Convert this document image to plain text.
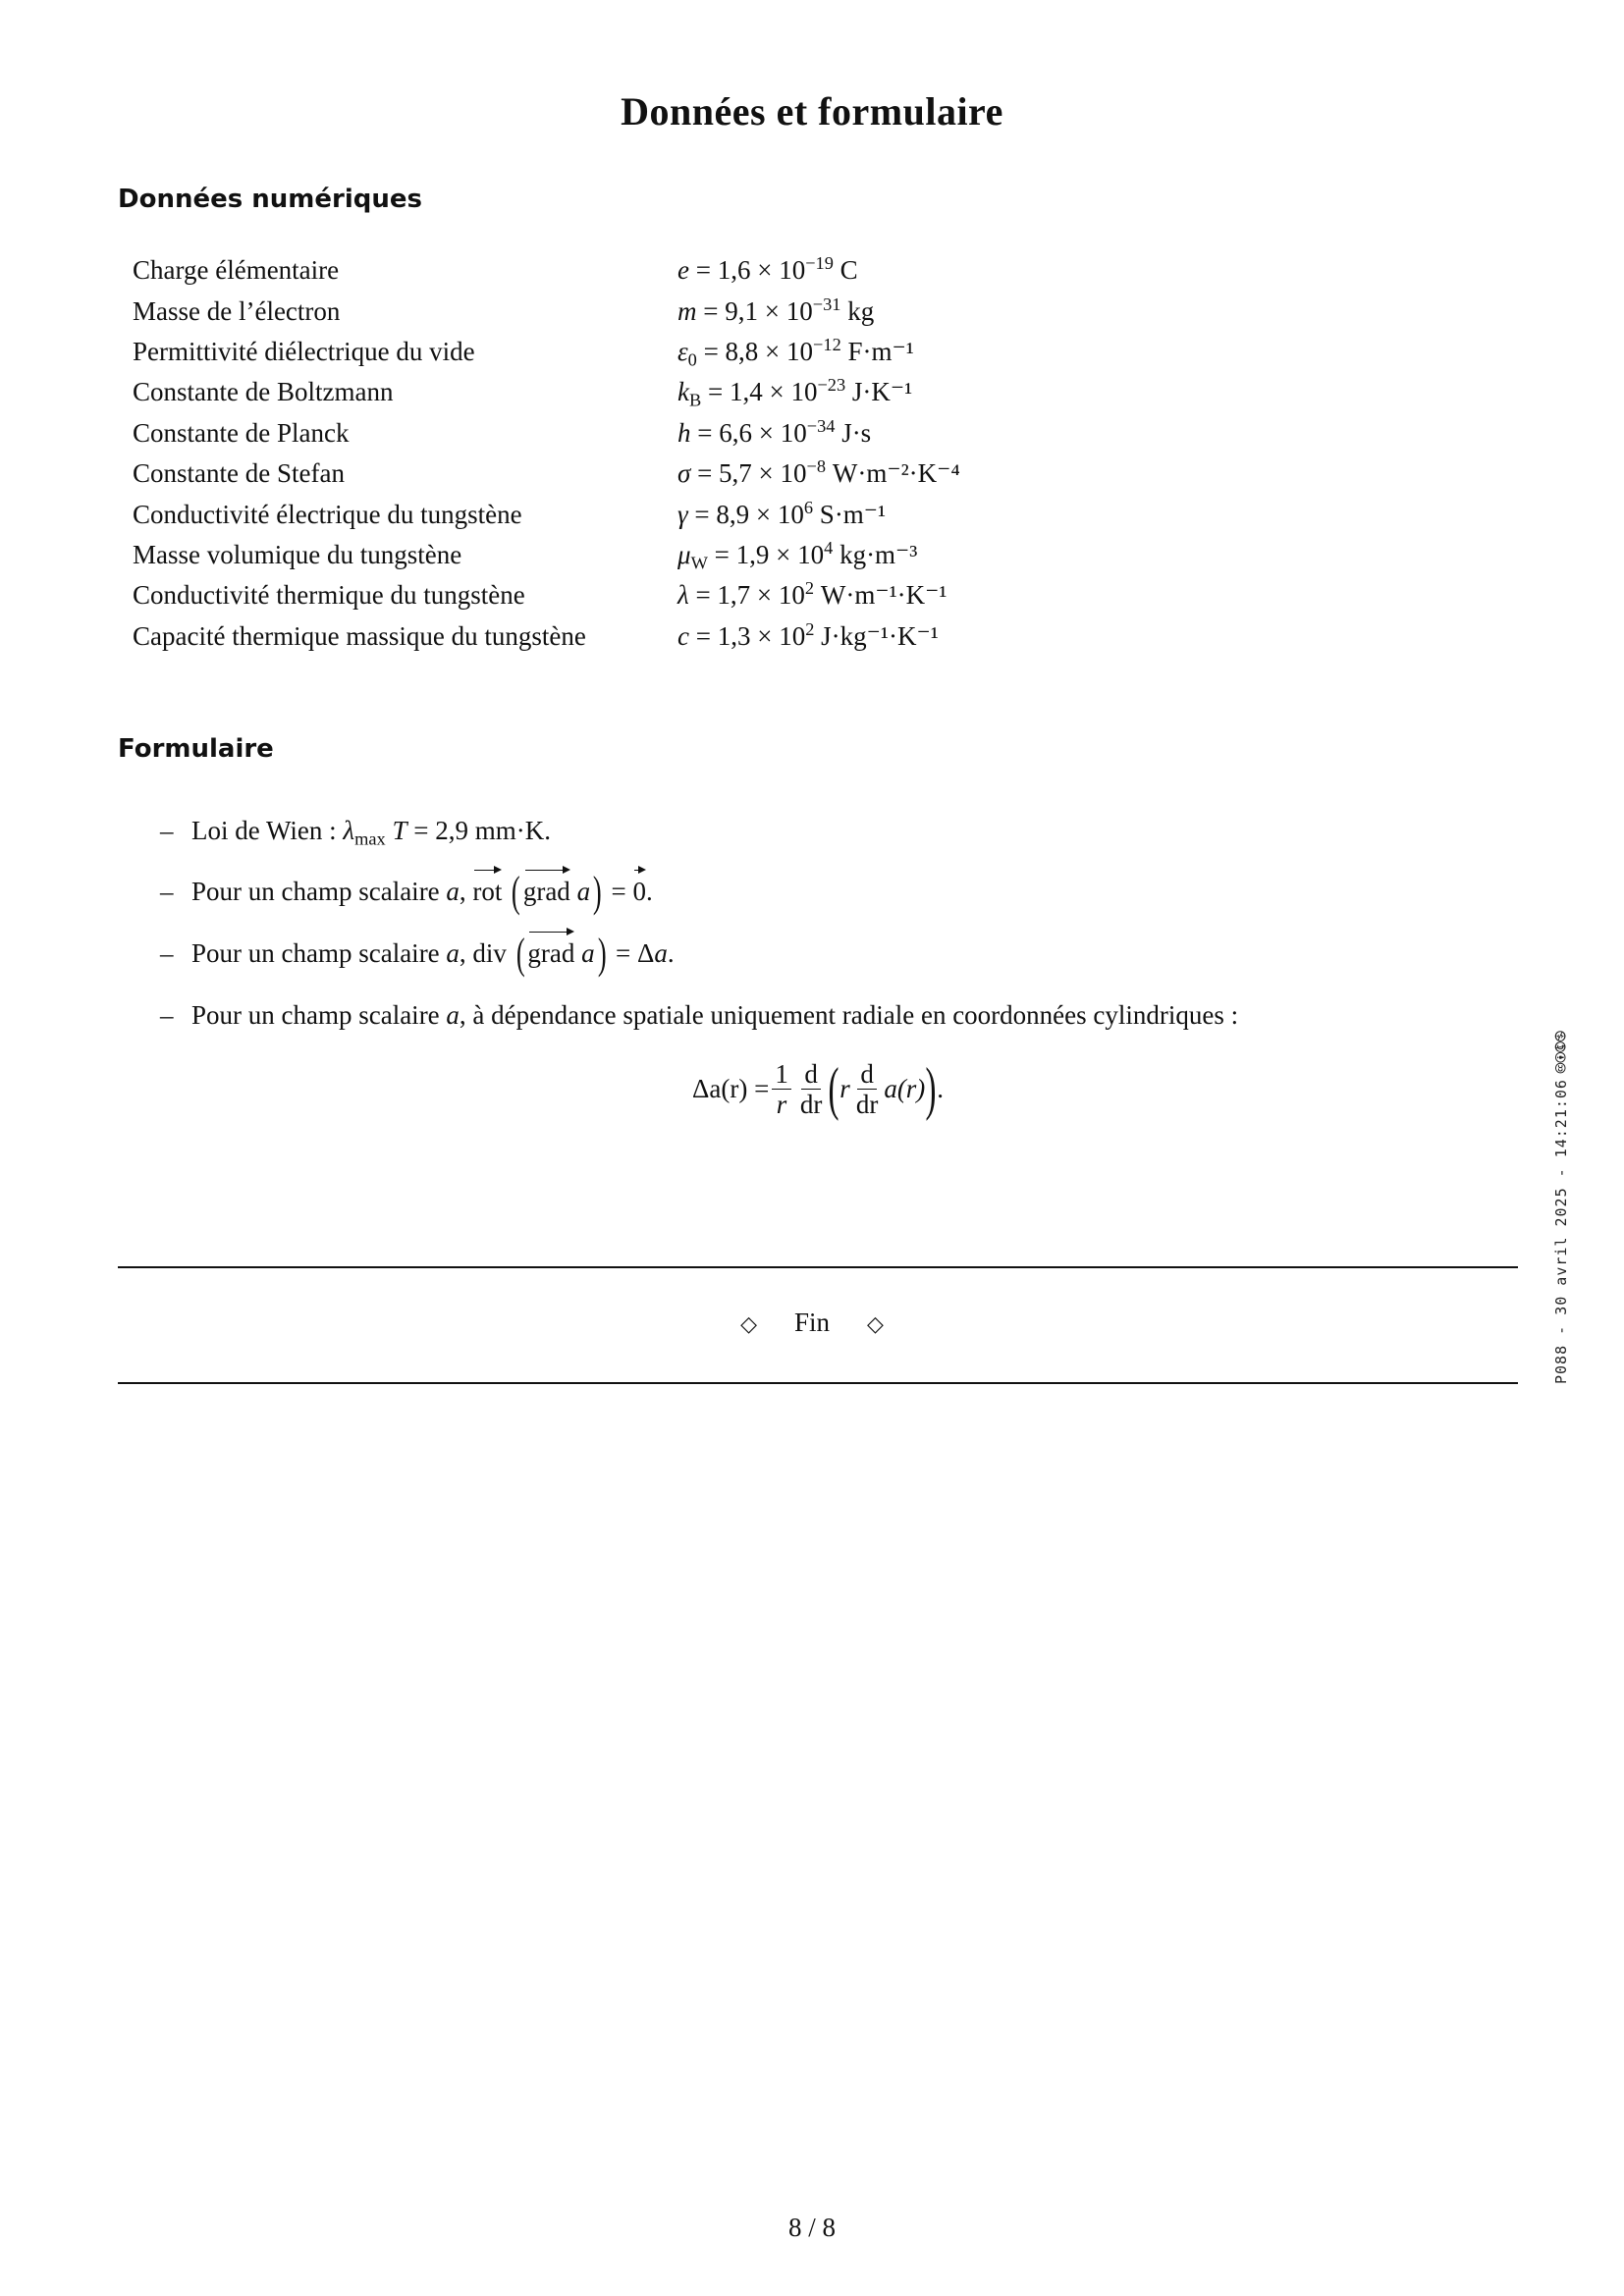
Données et formulaire
Données numériques
Charge élémentaire	$e = 1,6 \times 10^{-19}$ C
Masse de l’électron	$m = 9,1 \times 10^{-31}$ kg
Permittivité diélectrique du vide	$\varepsilon_0 = 8,8 \times 10^{-12}$ F·m⁻¹
Constante de Boltzmann	$k_B = 1,4 \times 10^{-23}$ J·K⁻¹
Constante de Planck	$h = 6,6 \times 10^{-34}$ J·s
Constante de Stefan	$\sigma = 5,7 \times 10^{-8}$ W·m⁻²·K⁻⁴
Conductivité électrique du tungstène	$\gamma = 8,9 \times 10^6$ S·m⁻¹
Masse volumique du tungstène	$\mu_W = 1,9 \times 10^4$ kg·m⁻³
Conductivité thermique du tungstène	$\lambda = 1,7 \times 10^2$ W·m⁻¹·K⁻¹
Capacité thermique massique du tungstène	$c = 1,3 \times 10^2$ J·kg⁻¹·K⁻¹
Formulaire
– Loi de Wien : $\lambda_{max}$ T = 2,9 mm·K.
– Pour un champ scalaire a, rot ( grad a) = 0.
– Pour un champ scalaire a, div ( grad a) = Δa.
– Pour un champ scalaire a, à dépendance spatiale uniquement radiale en coordonnées cylindriques :
$\Delta a(r) = \frac{1}{r} \frac{d}{dr}$ ( r $\frac{d}{dr} a(r)$ ) .
◇ Fin ◇	P088 - 30 avril 2025 - 14:21:06🅭🅯🅮🄏
8 / 8
